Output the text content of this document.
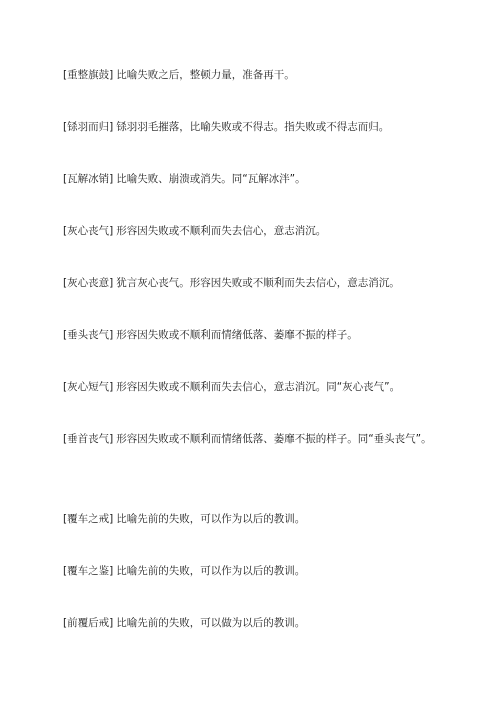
[重整旗鼓] 比喻失败之后，整顿力量，准备再干。

[铩羽而归] 铩羽羽毛摧落，比喻失败或不得志。指失败或不得志而归。

[瓦解冰销] 比喻失败、崩溃或消失。同“瓦解冰泮”。

[灰心丧气] 形容因失败或不顺利而失去信心，意志消沉。

[灰心丧意] 犹言灰心丧气。形容因失败或不顺利而失去信心，意志消沉。

[垂头丧气] 形容因失败或不顺利而情绪低落、萎靡不振的样子。

[灰心短气] 形容因失败或不顺利而失去信心，意志消沉。同“灰心丧气”。

[垂首丧气] 形容因失败或不顺利而情绪低落、萎靡不振的样子。同“垂头丧气”。

[覆车之戒] 比喻先前的失败，可以作为以后的教训。

[覆车之鉴] 比喻先前的失败，可以作为以后的教训。

[前覆后戒] 比喻先前的失败，可以做为以后的教训。
